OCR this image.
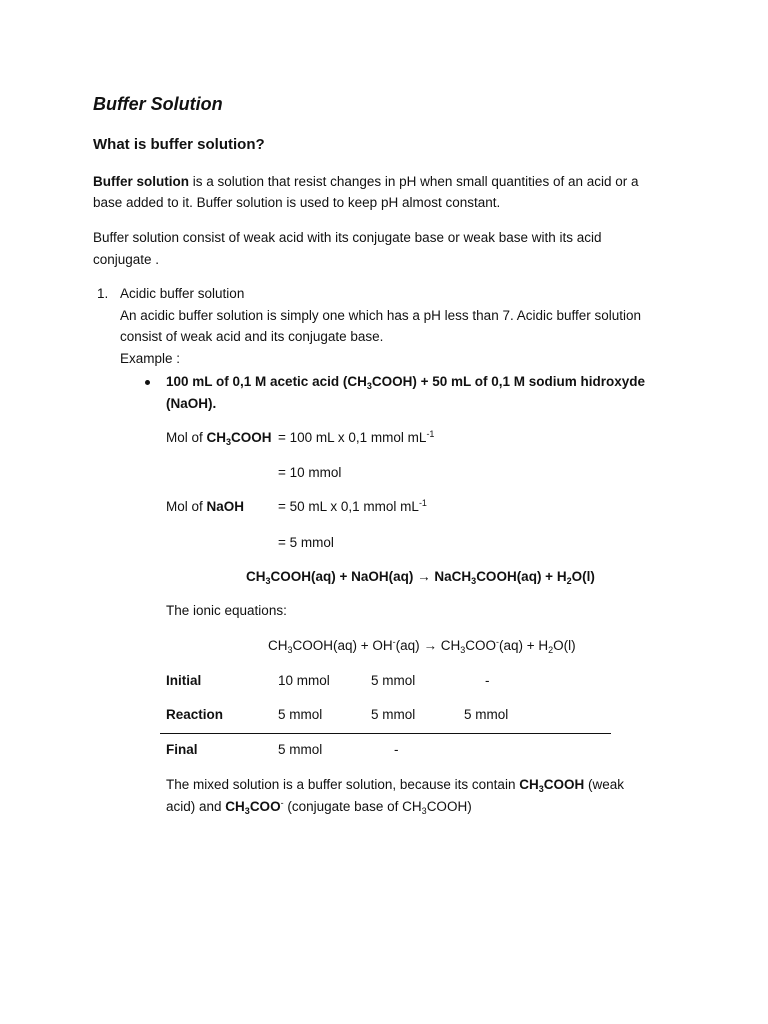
Buffer Solution
What is buffer solution?
Buffer solution is a solution that resist changes in pH when small quantities of an acid or a
base added to it. Buffer solution is used to keep pH almost constant.
Buffer solution consist of weak acid with its conjugate base or weak base with its acid
conjugate .
1. Acidic buffer solution
An acidic buffer solution is simply one which has a pH less than 7. Acidic buffer solution
consist of weak acid and its conjugate base.
Example :
100 mL of 0,1 M acetic acid $(CH_3COOH) + 50$ mL of 0,1 M sodium hidroxyde
(NaOH).
Mol of $CH_3COOH = 100$ mL x 0,1 mmol $mL^{-1}$
= 10 mmol
Mol of NaOH	= 50 mL x 0,1 mmol $mL^{-1}$
= 5 mmol
$CH_3COOH(aq)$ + NaOH(aq) → NaCH$_3$COOH(aq) + $H_2O(l)$
The ionic equations:
$CH_3COOH(aq) + OH^-(aq) \to CH_3COO^-(aq) + H_2O(l)$
Initial	10 mmol	5 mmol	-
Reaction	5 mmol	5 mmol	5 mmol
Final	5 mmol	-
The mixed solution is a buffer solution, because its contain $CH_3COOH$ (weak
acid) and $CH_3COO^-$ (conjugate base of $CH_3COOH$)
